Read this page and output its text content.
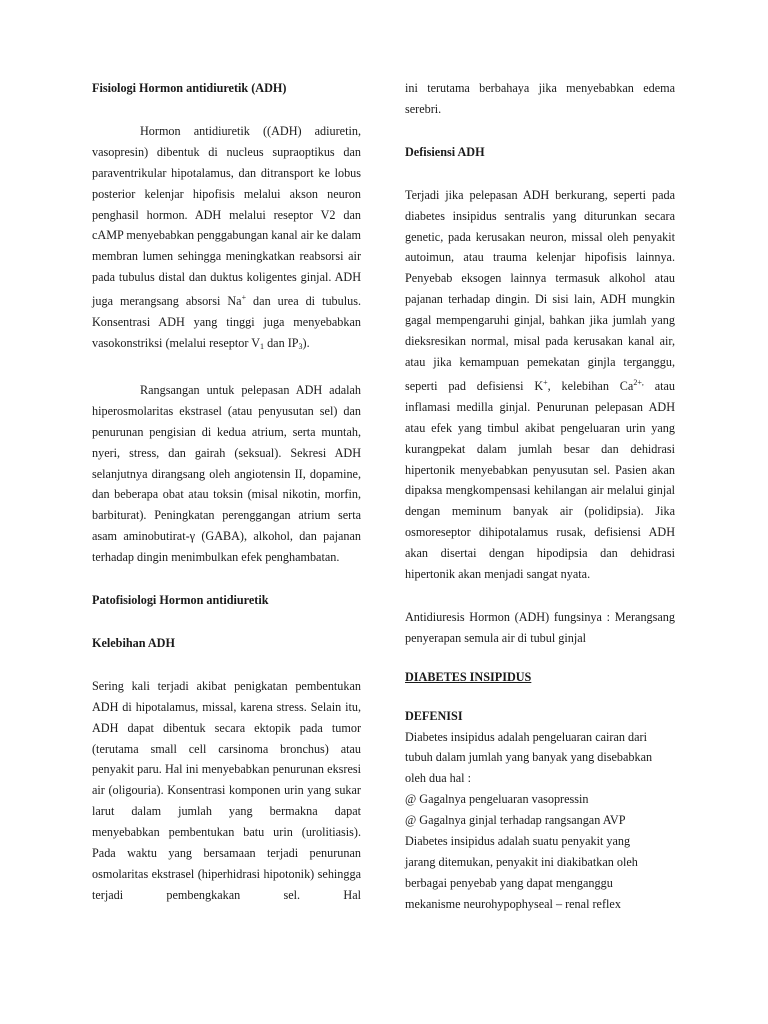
Fisiologi Hormon antidiuretik (ADH)

Hormon antidiuretik ((ADH) adiuretin, vasopresin) dibentuk di nucleus supraoptikus dan paraventrikular hipotalamus, dan ditransport ke lobus posterior kelenjar hipofisis melalui akson neuron penghasil hormon. ADH melalui reseptor V2 dan cAMP menyebabkan penggabungan kanal air ke dalam membran lumen sehingga meningkatkan reabsorsi air pada tubulus distal dan duktus koligentes ginjal. ADH juga merangsang absorsi Na+ dan urea di tubulus. Konsentrasi ADH yang tinggi juga menyebabkan vasokonstriksi (melalui reseptor $V_1$ dan $IP_3$).

Rangsangan untuk pelepasan ADH adalah hiperosmolaritas ekstrasel (atau penyusutan sel) dan penurunan pengisian di kedua atrium, serta muntah, nyeri, stress, dan gairah (seksual). Sekresi ADH selanjutnya dirangsang oleh angiotensin II, dopamine, dan beberapa obat atau toksin (misal nikotin, morfin, barbiturat). Peningkatan perenggangan atrium serta asam aminobutirat-γ (GABA), alkohol, dan pajanan terhadap dingin menimbulkan efek penghambatan.

Patofisiologi Hormon antidiuretik

Kelebihan ADH

Sering kali terjadi akibat penigkatan pembentukan ADH di hipotalamus, missal, karena stress. Selain itu, ADH dapat dibentuk secara ektopik pada tumor (terutama small cell carsinoma bronchus) atau penyakit paru. Hal ini menyebabkan penurunan eksresi air (oligouria). Konsentrasi komponen urin yang sukar larut dalam jumlah yang bermakna dapat menyebabkan pembentukan batu urin (urolitiasis). Pada waktu yang bersamaan terjadi penurunan osmolaritas ekstrasel (hiperhidrasi hipotonik) sehingga terjadi pembengkakan sel. Hal

ini terutama berbahaya jika menyebabkan edema serebri.

Defisiensi ADH

Terjadi jika pelepasan ADH berkurang, seperti pada diabetes insipidus sentralis yang diturunkan secara genetic, pada kerusakan neuron, missal oleh penyakit autoimun, atau trauma kelenjar hipofisis lainnya. Penyebab eksogen lainnya termasuk alkohol atau pajanan terhadap dingin. Di sisi lain, ADH mungkin gagal mempengaruhi ginjal, bahkan jika jumlah yang dieksresikan normal, misal pada kerusakan kanal air, atau jika kemampuan pemekatan ginjla terganggu, seperti pad defisiensi K+, kelebihan $Ca^{2+,}$ atau inflamasi medilla ginjal. Penurunan pelepasan ADH atau efek yang timbul akibat pengeluaran urin yang kurangpekat dalam jumlah besar dan dehidrasi hipertonik menyebabkan penyusutan sel. Pasien akan dipaksa mengkompensasi kehilangan air melalui ginjal dengan meminum banyak air (polidipsia). Jika osmoreseptor dihipotalamus rusak, defisiensi ADH akan disertai dengan hipodipsia dan dehidrasi hipertonik akan menjadi sangat nyata.

Antidiuresis Hormon (ADH) fungsinya : Merangsang penyerapan semula air di tubul ginjal

DIABETES INSIPIDUS

DEFENISI

Diabetes insipidus adalah pengeluaran cairan dari

tubuh dalam jumlah yang banyak yang disebabkan

oleh dua hal :

@ Gagalnya pengeluaran vasopressin

@ Gagalnya ginjal terhadap rangsangan AVP

Diabetes insipidus adalah suatu penyakit yang

jarang ditemukan, penyakit ini diakibatkan oleh

berbagai penyebab yang dapat menganggu

mekanisme neurohypophyseal – renal reflex
